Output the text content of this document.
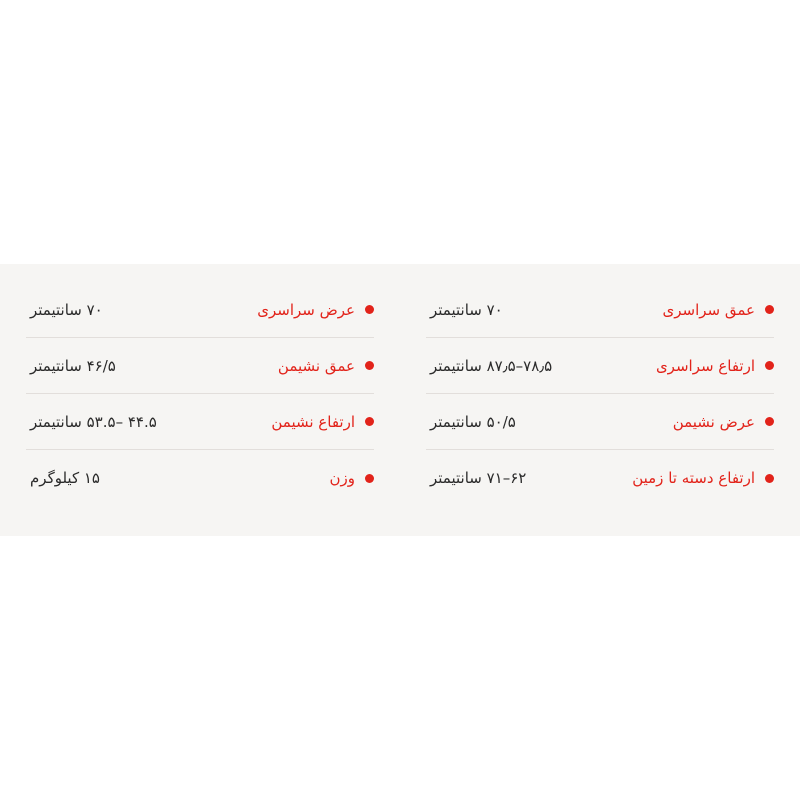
عمق سراسری
۷۰ سانتیمتر
ارتفاع سراسری
۷۸٫۵–۸۷٫۵ سانتیمتر
عرض نشیمن
۵۰/۵ سانتیمتر
ارتفاع دسته تا زمین
۶۲–۷۱ سانتیمتر
عرض سراسری
۷۰ سانتیمتر
عمق نشیمن
۴۶/۵ سانتیمتر
ارتفاع نشیمن
۴۴.۵ –۵۳.۵ سانتیمتر
وزن
۱۵ کیلوگرم
